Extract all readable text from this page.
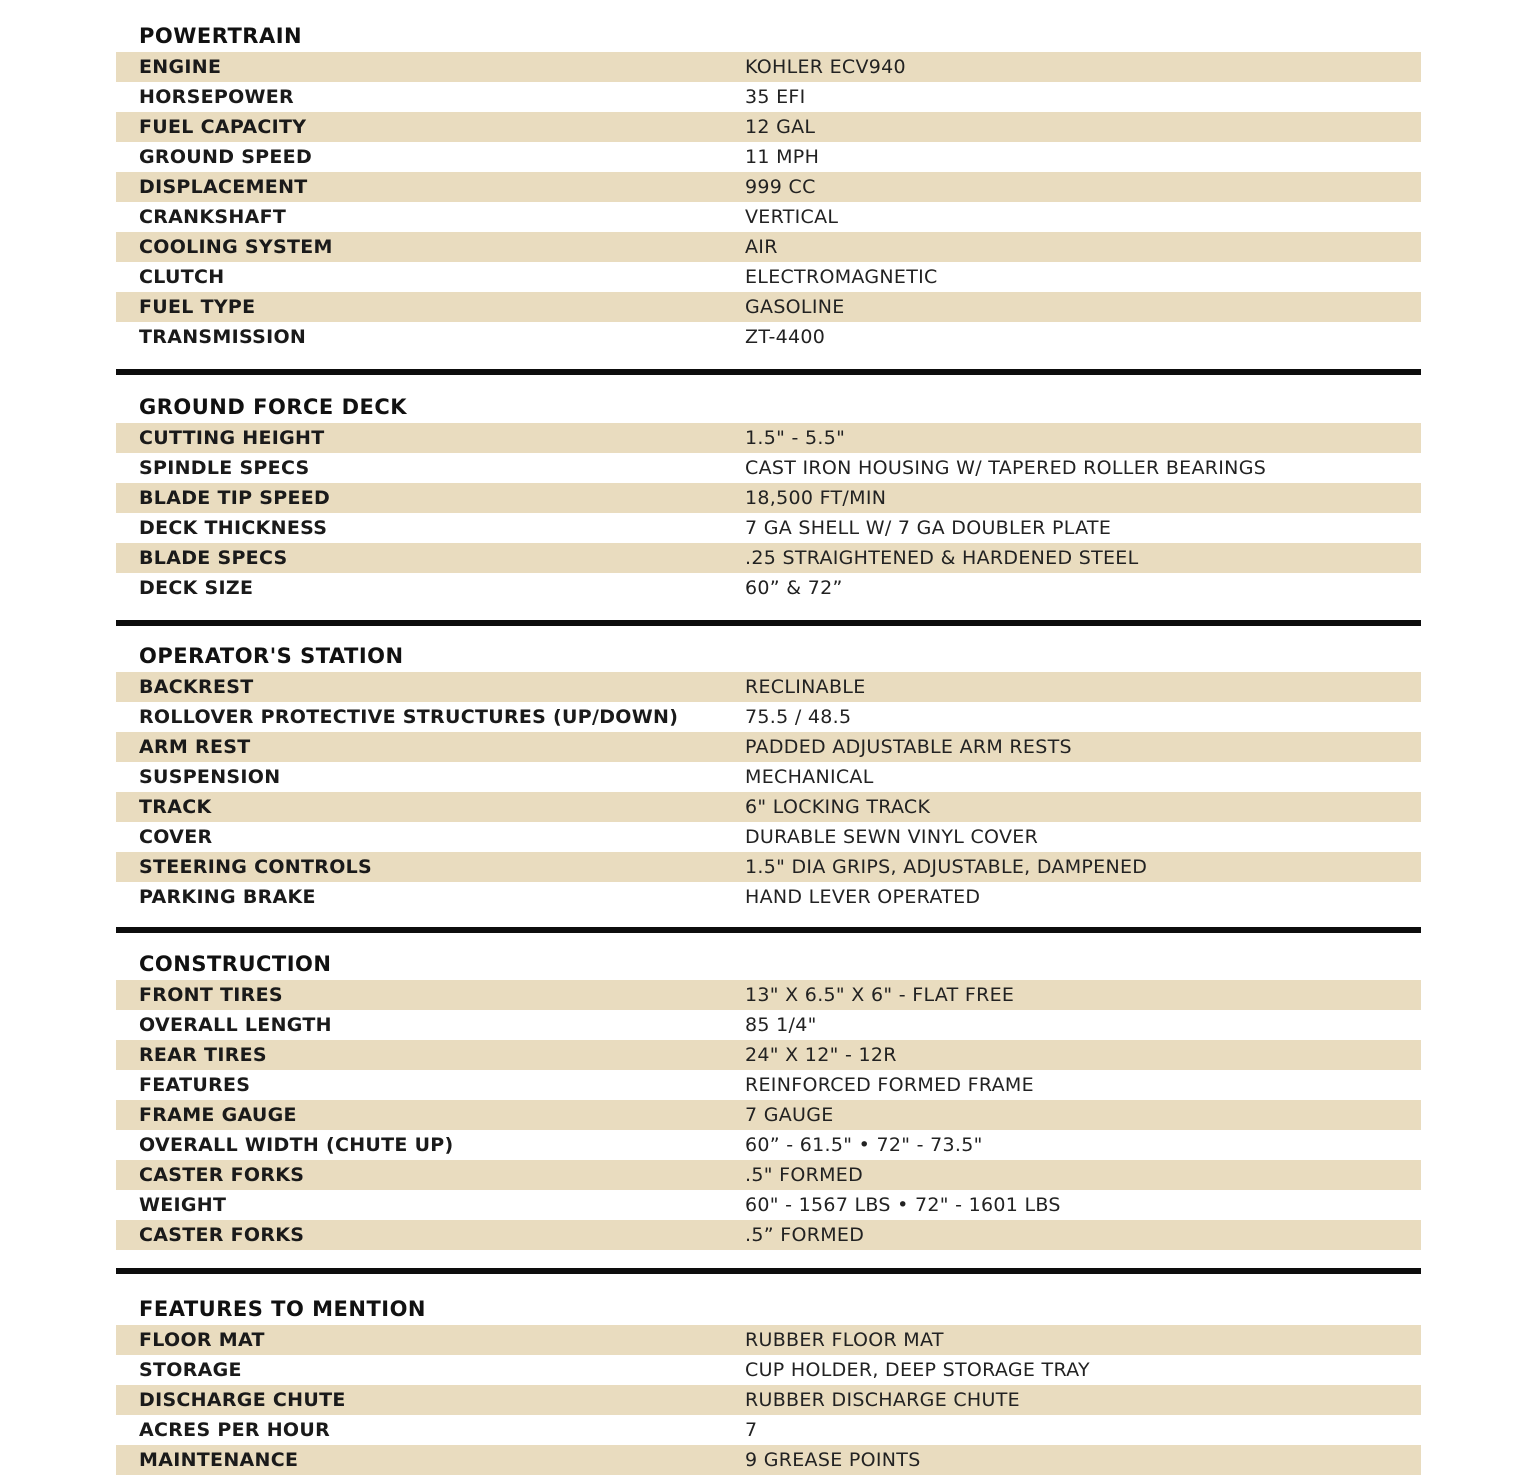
POWERTRAIN
ENGINE	KOHLER ECV940
HORSEPOWER	35 EFI
FUEL CAPACITY	12 GAL
GROUND SPEED	11 MPH
DISPLACEMENT	999 CC
CRANKSHAFT	VERTICAL
COOLING SYSTEM	AIR
CLUTCH	ELECTROMAGNETIC
FUEL TYPE	GASOLINE
TRANSMISSION	ZT-4400
GROUND FORCE DECK
CUTTING HEIGHT	1.5" - 5.5"
SPINDLE SPECS	CAST IRON HOUSING W/ TAPERED ROLLER BEARINGS
BLADE TIP SPEED	18,500 FT/MIN
DECK THICKNESS	7 GA SHELL W/ 7 GA DOUBLER PLATE
BLADE SPECS	.25 STRAIGHTENED & HARDENED STEEL
DECK SIZE	60” & 72”
OPERATOR'S STATION
BACKREST	RECLINABLE
ROLLOVER PROTECTIVE STRUCTURES (UP/DOWN)	75.5 / 48.5
ARM REST	PADDED ADJUSTABLE ARM RESTS
SUSPENSION	MECHANICAL
TRACK	6" LOCKING TRACK
COVER	DURABLE SEWN VINYL COVER
STEERING CONTROLS	1.5" DIA GRIPS, ADJUSTABLE, DAMPENED
PARKING BRAKE	HAND LEVER OPERATED
CONSTRUCTION
FRONT TIRES	13" X 6.5" X 6" - FLAT FREE
OVERALL LENGTH	85 1/4"
REAR TIRES	24" X 12" - 12R
FEATURES	REINFORCED FORMED FRAME
FRAME GAUGE	7 GAUGE
OVERALL WIDTH (CHUTE UP)	60” - 61.5" • 72" - 73.5"
CASTER FORKS	.5" FORMED
WEIGHT	60" - 1567 LBS • 72" - 1601 LBS
CASTER FORKS	.5” FORMED
FEATURES TO MENTION
FLOOR MAT	RUBBER FLOOR MAT
STORAGE	CUP HOLDER, DEEP STORAGE TRAY
DISCHARGE CHUTE	RUBBER DISCHARGE CHUTE
ACRES PER HOUR	7
MAINTENANCE	9 GREASE POINTS
